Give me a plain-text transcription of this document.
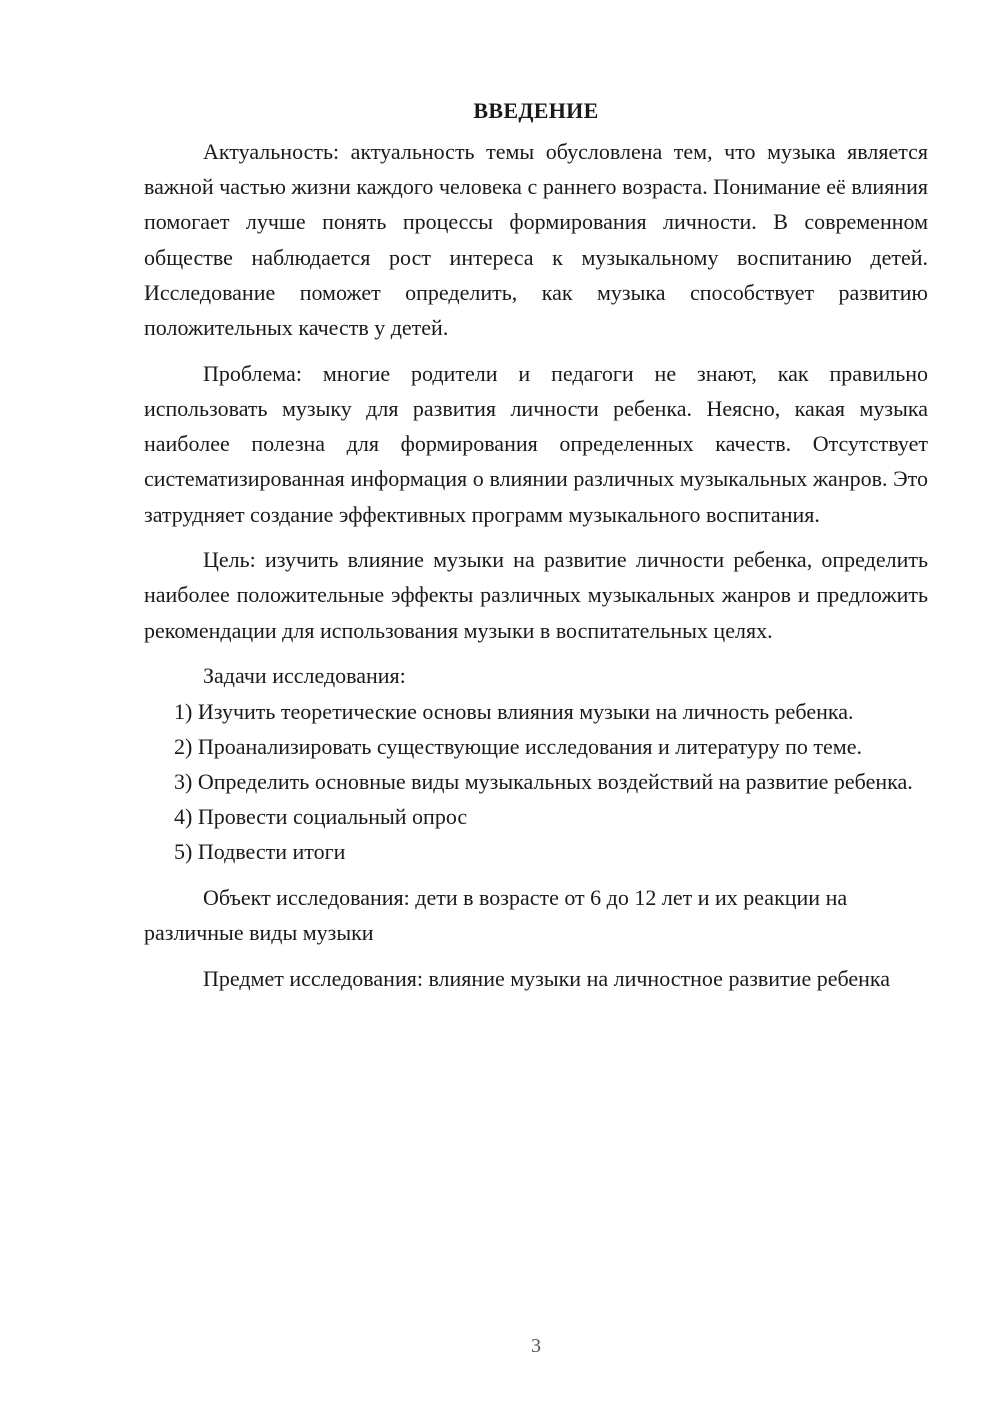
ВВЕДЕНИЕ

Актуальность: актуальность темы обусловлена тем, что музыка является важной частью жизни каждого человека с раннего возраста. Понимание её влияния помогает лучше понять процессы формирования личности. В современном обществе наблюдается рост интереса к музыкальному воспитанию детей. Исследование поможет определить, как музыка способствует развитию положительных качеств у детей.

Проблема: многие родители и педагоги не знают, как правильно использовать музыку для развития личности ребенка. Неясно, какая музыка наиболее полезна для формирования определенных качеств. Отсутствует систематизированная информация о влиянии различных музыкальных жанров. Это затрудняет создание эффективных программ музыкального воспитания.

Цель: изучить влияние музыки на развитие личности ребенка, определить наиболее положительные эффекты различных музыкальных жанров и предложить рекомендации для использования музыки в воспитательных целях.

Задачи исследования:

1) Изучить теоретические основы влияния музыки на личность ребенка.

2) Проанализировать существующие исследования и литературу по теме.

3) Определить основные виды музыкальных воздействий на развитие ребенка.

4) Провести социальный опрос

5) Подвести итоги

Объект исследования: дети в возрасте от 6 до 12 лет и их реакции на различные виды музыки

Предмет исследования: влияние музыки на личностное развитие ребенка

3
